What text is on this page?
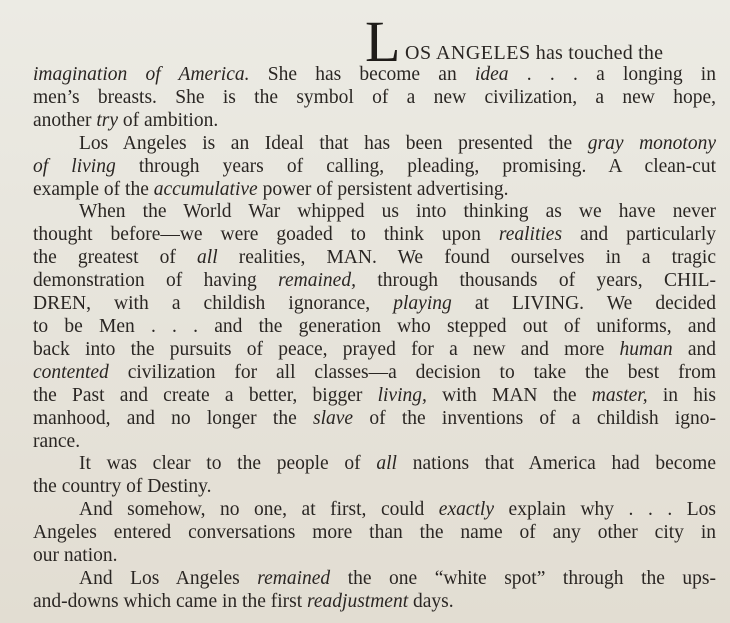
L OS ANGELES has touched the
imagination of America. She has become an idea . . . a longing in
men’s breasts. She is the symbol of a new civilization, a new hope,
another try of ambition.
Los Angeles is an Ideal that has been presented the gray monotony
of living through years of calling, pleading, promising. A clean-cut
example of the accumulative power of persistent advertising.
When the World War whipped us into thinking as we have never
thought before—we were goaded to think upon realities and particularly
the greatest of all realities, MAN. We found ourselves in a tragic
demonstration of having remained, through thousands of years, CHIL-
DREN, with a childish ignorance, playing at LIVING. We decided
to be Men . . . and the generation who stepped out of uniforms, and
back into the pursuits of peace, prayed for a new and more human and
contented civilization for all classes—a decision to take the best from
the Past and create a better, bigger living, with MAN the master, in his
manhood, and no longer the slave of the inventions of a childish igno-
rance.
It was clear to the people of all nations that America had become
the country of Destiny.
And somehow, no one, at first, could exactly explain why . . . Los
Angeles entered conversations more than the name of any other city in
our nation.
And Los Angeles remained the one “white spot” through the ups-
and-downs which came in the first readjustment days.
